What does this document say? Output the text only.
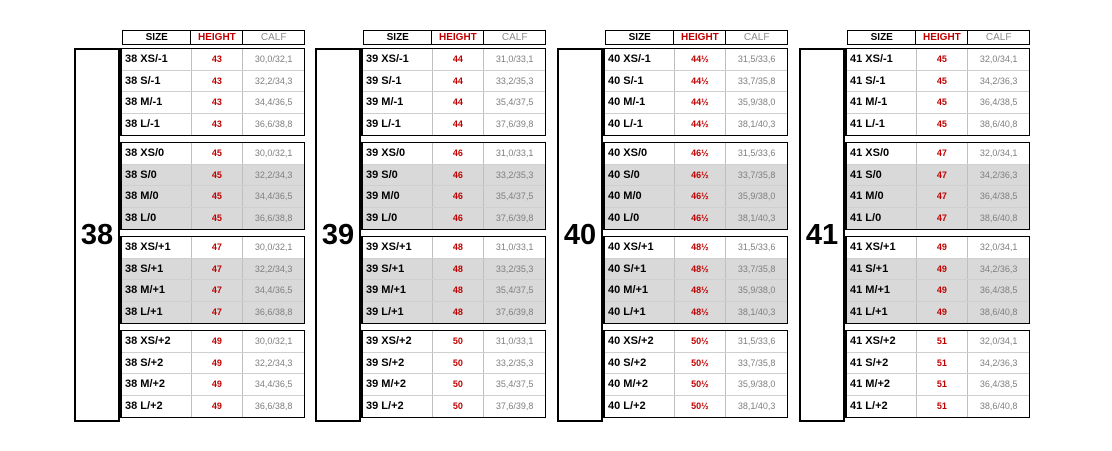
SIZE	HEIGHT	CALF
38
38 XS/-1	43	30,0/32,1
38 S/-1	43	32,2/34,3
38 M/-1	43	34,4/36,5
38 L/-1	43	36,6/38,8
38 XS/0	45	30,0/32,1
38 S/0	45	32,2/34,3
38 M/0	45	34,4/36,5
38 L/0	45	36,6/38,8
38 XS/+1	47	30,0/32,1
38 S/+1	47	32,2/34,3
38 M/+1	47	34,4/36,5
38 L/+1	47	36,6/38,8
38 XS/+2	49	30,0/32,1
38 S/+2	49	32,2/34,3
38 M/+2	49	34,4/36,5
38 L/+2	49	36,6/38,8
SIZE	HEIGHT	CALF
39
39 XS/-1	44	31,0/33,1
39 S/-1	44	33,2/35,3
39 M/-1	44	35,4/37,5
39 L/-1	44	37,6/39,8
39 XS/0	46	31,0/33,1
39 S/0	46	33,2/35,3
39 M/0	46	35,4/37,5
39 L/0	46	37,6/39,8
39 XS/+1	48	31,0/33,1
39 S/+1	48	33,2/35,3
39 M/+1	48	35,4/37,5
39 L/+1	48	37,6/39,8
39 XS/+2	50	31,0/33,1
39 S/+2	50	33,2/35,3
39 M/+2	50	35,4/37,5
39 L/+2	50	37,6/39,8
SIZE	HEIGHT	CALF
40
40 XS/-1	44½	31,5/33,6
40 S/-1	44½	33,7/35,8
40 M/-1	44½	35,9/38,0
40 L/-1	44½	38,1/40,3
40 XS/0	46½	31,5/33,6
40 S/0	46½	33,7/35,8
40 M/0	46½	35,9/38,0
40 L/0	46½	38,1/40,3
40 XS/+1	48½	31,5/33,6
40 S/+1	48½	33,7/35,8
40 M/+1	48½	35,9/38,0
40 L/+1	48½	38,1/40,3
40 XS/+2	50½	31,5/33,6
40 S/+2	50½	33,7/35,8
40 M/+2	50½	35,9/38,0
40 L/+2	50½	38,1/40,3
SIZE	HEIGHT	CALF
41
41 XS/-1	45	32,0/34,1
41 S/-1	45	34,2/36,3
41 M/-1	45	36,4/38,5
41 L/-1	45	38,6/40,8
41 XS/0	47	32,0/34,1
41 S/0	47	34,2/36,3
41 M/0	47	36,4/38,5
41 L/0	47	38,6/40,8
41 XS/+1	49	32,0/34,1
41 S/+1	49	34,2/36,3
41 M/+1	49	36,4/38,5
41 L/+1	49	38,6/40,8
41 XS/+2	51	32,0/34,1
41 S/+2	51	34,2/36,3
41 M/+2	51	36,4/38,5
41 L/+2	51	38,6/40,8
